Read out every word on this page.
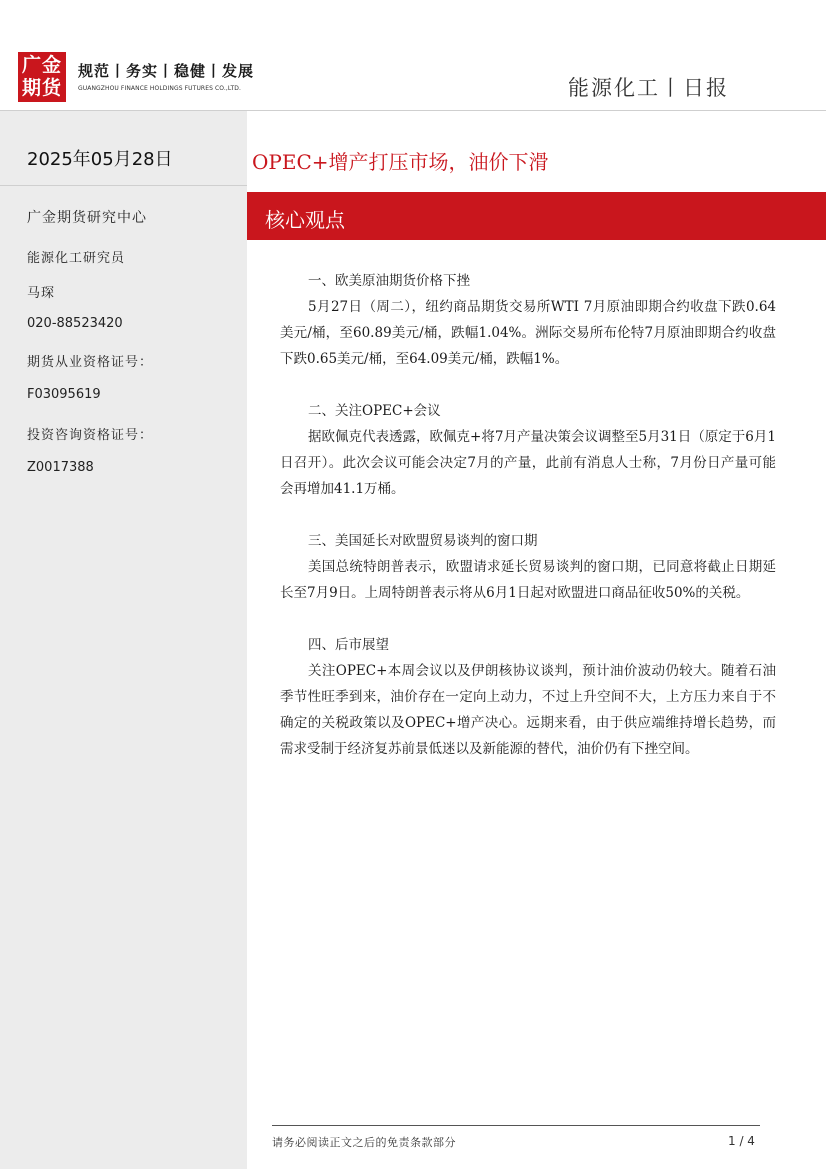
广金
期货
规范丨务实丨稳健丨发展
GUANGZHOU FINANCE HOLDINGS FUTURES CO.,LTD.	能源化工丨日报
2025年05月28日	OPEC+增产打压市场，油价下滑
广金期货研究中心
能源化工研究员
马琛
020-88523420
期货从业资格证号：
F03095619
投资咨询资格证号：
Z0017388
核心观点
一、欧美原油期货价格下挫

5月27日（周二），纽约商品期货交易所WTI 7月原油即期合约收盘下跌0.64美元/桶，至60.89美元/桶，跌幅1.04%。洲际交易所布伦特7月原油即期合约收盘下跌0.65美元/桶，至64.09美元/桶，跌幅1%。

二、关注OPEC+会议

据欧佩克代表透露，欧佩克+将7月产量决策会议调整至5月31日（原定于6月1日召开）。此次会议可能会决定7月的产量，此前有消息人士称，7月份日产量可能会再增加41.1万桶。

三、美国延长对欧盟贸易谈判的窗口期

美国总统特朗普表示，欧盟请求延长贸易谈判的窗口期，已同意将截止日期延长至7月9日。上周特朗普表示将从6月1日起对欧盟进口商品征收50%的关税。

四、后市展望

关注OPEC+本周会议以及伊朗核协议谈判，预计油价波动仍较大。随着石油季节性旺季到来，油价存在一定向上动力，不过上升空间不大，上方压力来自于不确定的关税政策以及OPEC+增产决心。远期来看，由于供应端维持增长趋势，而需求受制于经济复苏前景低迷以及新能源的替代，油价仍有下挫空间。

请务必阅读正文之后的免责条款部分	1 / 4
